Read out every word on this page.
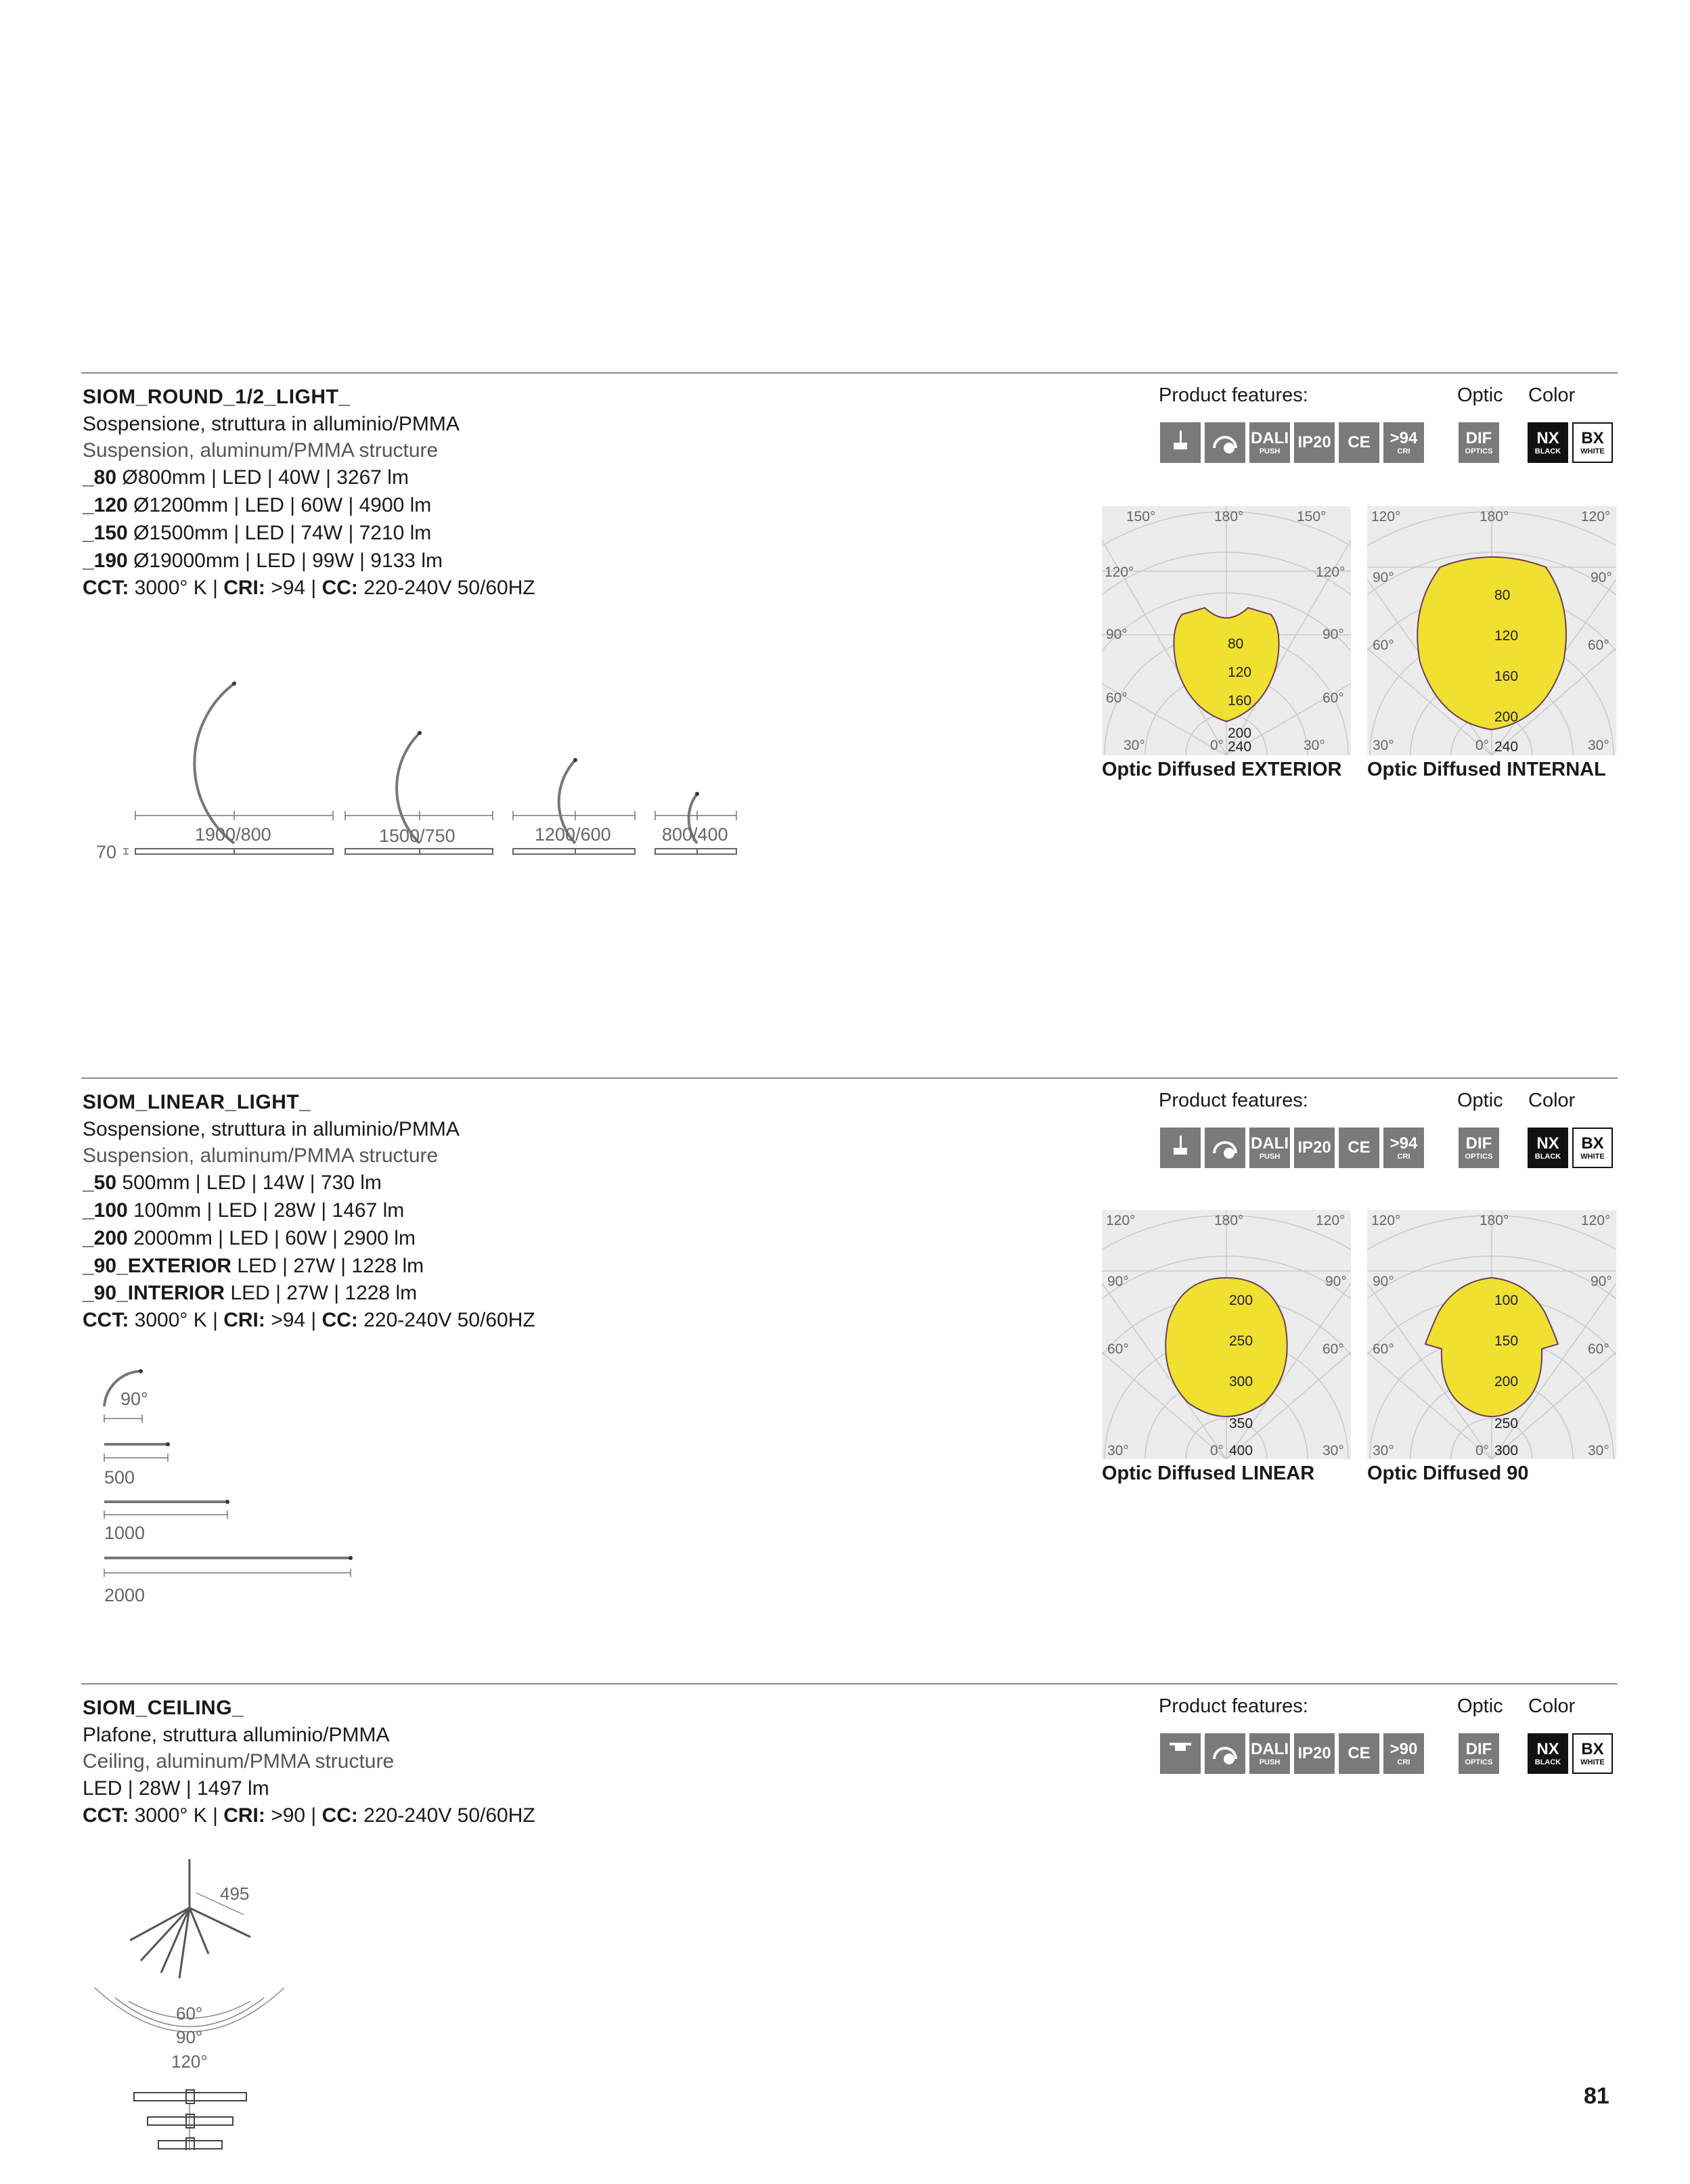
SIOM_ROUND_1/2_LIGHT_
Sospensione, struttura in alluminio/PMMA
Suspension, aluminum/PMMA structure
_80 Ø800mm | LED | 40W | 3267 lm
_120 Ø1200mm | LED | 60W | 4900 lm
_150 Ø1500mm | LED | 74W | 7210 lm
_190 Ø19000mm | LED | 99W | 9133 lm
CCT: 3000° K | CRI: >94 | CC: 220-240V 50/60HZ
Product features:	Optic Color
DALI
PUSH IP20 CE >94
CRI
DIF
OPTICS
NX
BLACK
BX
WHITE
150°	180°	150°
120°	120°
90°	90°
60°	60°
30°	0°	30°
80
120
160
200
240
Optic Diffused EXTERIOR
120°	180°	120°
90°	90°
60°	60°
30°	0°	30°
80
120
160
200
240
Optic Diffused INTERNAL
1900/800	1500/750	1200/600	800/400
70
SIOM_LINEAR_LIGHT_
Sospensione, struttura in alluminio/PMMA
Suspension, aluminum/PMMA structure
_50 500mm | LED | 14W | 730 lm
_100 100mm | LED | 28W | 1467 lm
_200 2000mm | LED | 60W | 2900 lm
_90_EXTERIOR LED | 27W | 1228 lm
_90_INTERIOR LED | 27W | 1228 lm
CCT: 3000° K | CRI: >94 | CC: 220-240V 50/60HZ
Product features:	Optic Color
DALI
PUSH IP20 CE >94
CRI
DIF
OPTICS
NX
BLACK
BX
WHITE
120°	180°	120°
90°	90°
60°	60°
30°	0°	30°
200
250
300
350
400
Optic Diffused LINEAR
120°	180°	120°
90°	90°
60°	60°
30°	0°	30°
100
150
200
250
300
Optic Diffused 90
90°
500
1000
2000
SIOM_CEILING_
Plafone, struttura alluminio/PMMA
Ceiling, aluminum/PMMA structure
LED | 28W | 1497 lm
CCT: 3000° K | CRI: >90 | CC: 220-240V 50/60HZ
Product features:	Optic Color
DALI
PUSH IP20 CE >90
CRI
DIF
OPTICS
NX
BLACK
BX
WHITE
495
60°
90°
120°
81
